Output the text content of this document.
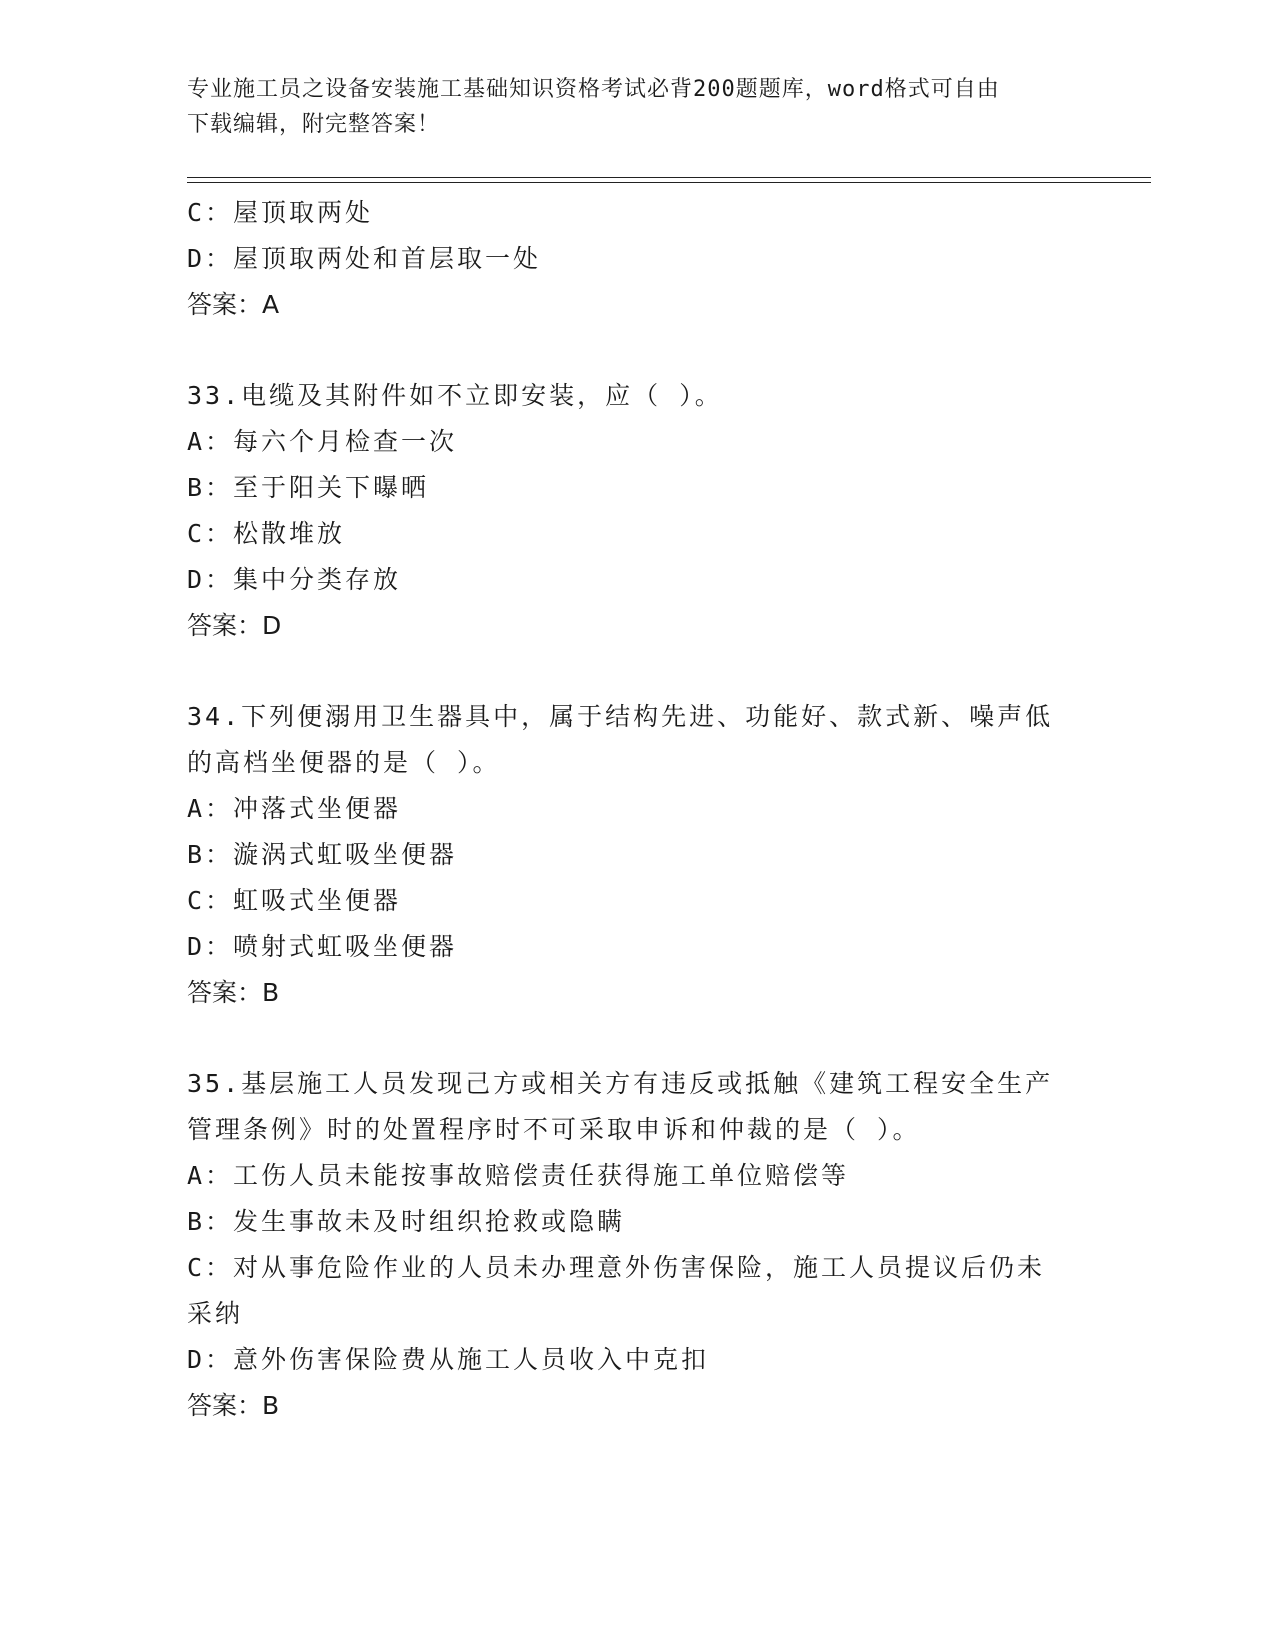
专业施工员之设备安装施工基础知识资格考试必背200题题库，word格式可自由
下载编辑，附完整答案！
C：屋顶取两处
D：屋顶取两处和首层取一处
答案：A
33.电缆及其附件如不立即安装，应（ ）。
A：每六个月检查一次
B：至于阳关下曝晒
C：松散堆放
D：集中分类存放
答案：D
34.下列便溺用卫生器具中，属于结构先进、功能好、款式新、噪声低
的高档坐便器的是（ ）。
A：冲落式坐便器
B：漩涡式虹吸坐便器
C：虹吸式坐便器
D：喷射式虹吸坐便器
答案：B
35.基层施工人员发现己方或相关方有违反或抵触《建筑工程安全生产
管理条例》时的处置程序时不可采取申诉和仲裁的是（ ）。
A：工伤人员未能按事故赔偿责任获得施工单位赔偿等
B：发生事故未及时组织抢救或隐瞒
C：对从事危险作业的人员未办理意外伤害保险，施工人员提议后仍未
采纳
D：意外伤害保险费从施工人员收入中克扣
答案：B
